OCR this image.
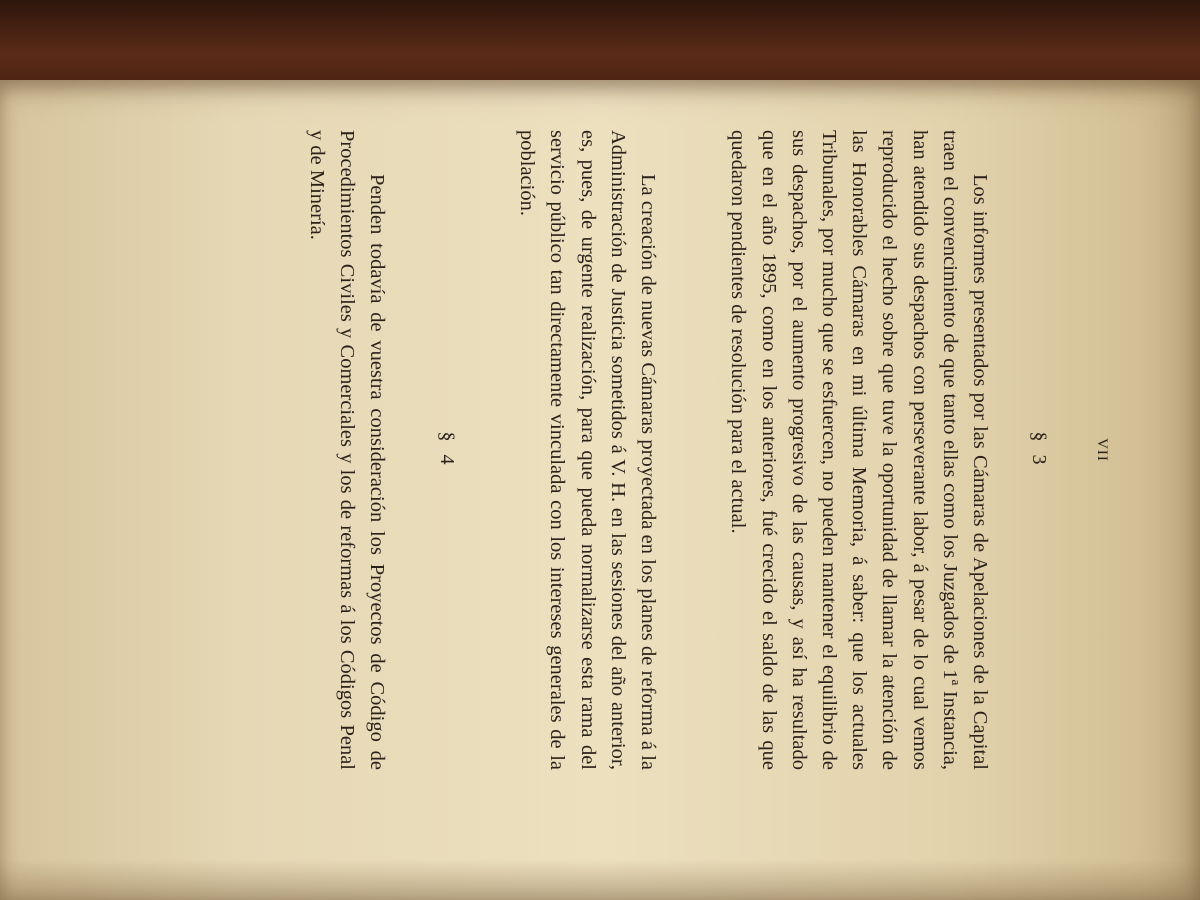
VII

§ 3

Los informes presentados por las Cámaras de Apelaciones de la Capital traen el convencimiento de que tanto ellas como los Juzgados de 1ª Instancia, han atendido sus despachos con perseverante labor, á pesar de lo cual vemos reproducido el hecho sobre que tuve la oportunidad de llamar la atención de las Honorables Cámaras en mi última Memoria, á saber: que los actuales Tribunales, por mucho que se esfuercen, no pueden mantener el equilibrio de sus despachos, por el aumento progresivo de las causas, y así ha resultado que en el año 1895, como en los anteriores, fué crecido el saldo de las que quedaron pendientes de resolución para el actual.

La creación de nuevas Cámaras proyectada en los planes de reforma á la Administración de Justicia sometidos á V. H. en las sesiones del año anterior, es, pues, de urgente realización, para que pueda normalizarse esta rama del servicio público tan directamente vinculada con los intereses generales de la población.

§ 4

Penden todavía de vuestra consideración los Proyectos de Código de Procedimientos Civiles y Comerciales y los de reformas á los Códigos Penal y de Minería.
